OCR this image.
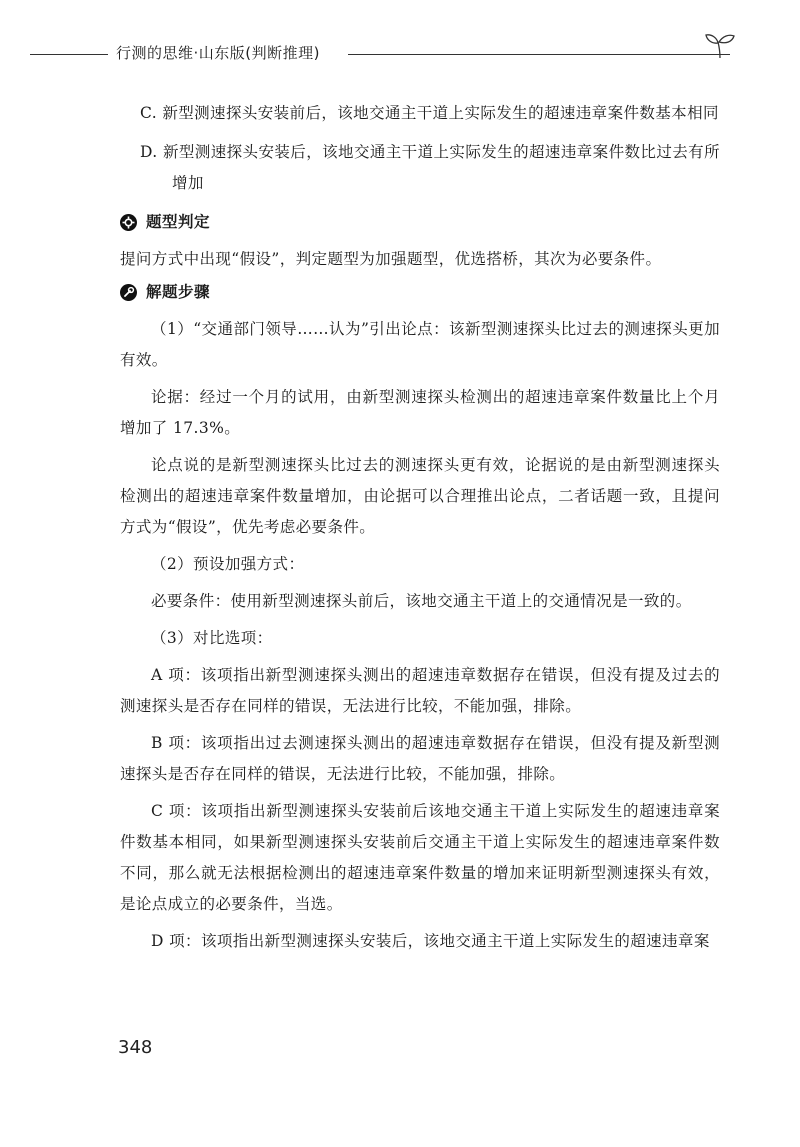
行测的思维·山东版(判断推理)

C. 新型测速探头安装前后，该地交通主干道上实际发生的超速违章案件数基本相同

D. 新型测速探头安装后，该地交通主干道上实际发生的超速违章案件数比过去有所增加

题型判定

提问方式中出现“假设”，判定题型为加强题型，优选搭桥，其次为必要条件。

解题步骤

（1）“交通部门领导……认为”引出论点：该新型测速探头比过去的测速探头更加有效。

论据：经过一个月的试用，由新型测速探头检测出的超速违章案件数量比上个月增加了 17.3%。

论点说的是新型测速探头比过去的测速探头更有效，论据说的是由新型测速探头检测出的超速违章案件数量增加，由论据可以合理推出论点，二者话题一致，且提问方式为“假设”，优先考虑必要条件。

（2）预设加强方式：

必要条件：使用新型测速探头前后，该地交通主干道上的交通情况是一致的。

（3）对比选项：

A 项：该项指出新型测速探头测出的超速违章数据存在错误，但没有提及过去的测速探头是否存在同样的错误，无法进行比较，不能加强，排除。

B 项：该项指出过去测速探头测出的超速违章数据存在错误，但没有提及新型测速探头是否存在同样的错误，无法进行比较，不能加强，排除。

C 项：该项指出新型测速探头安装前后该地交通主干道上实际发生的超速违章案件数基本相同，如果新型测速探头安装前后交通主干道上实际发生的超速违章案件数不同，那么就无法根据检测出的超速违章案件数量的增加来证明新型测速探头有效，是论点成立的必要条件，当选。

D 项：该项指出新型测速探头安装后，该地交通主干道上实际发生的超速违章案

348
